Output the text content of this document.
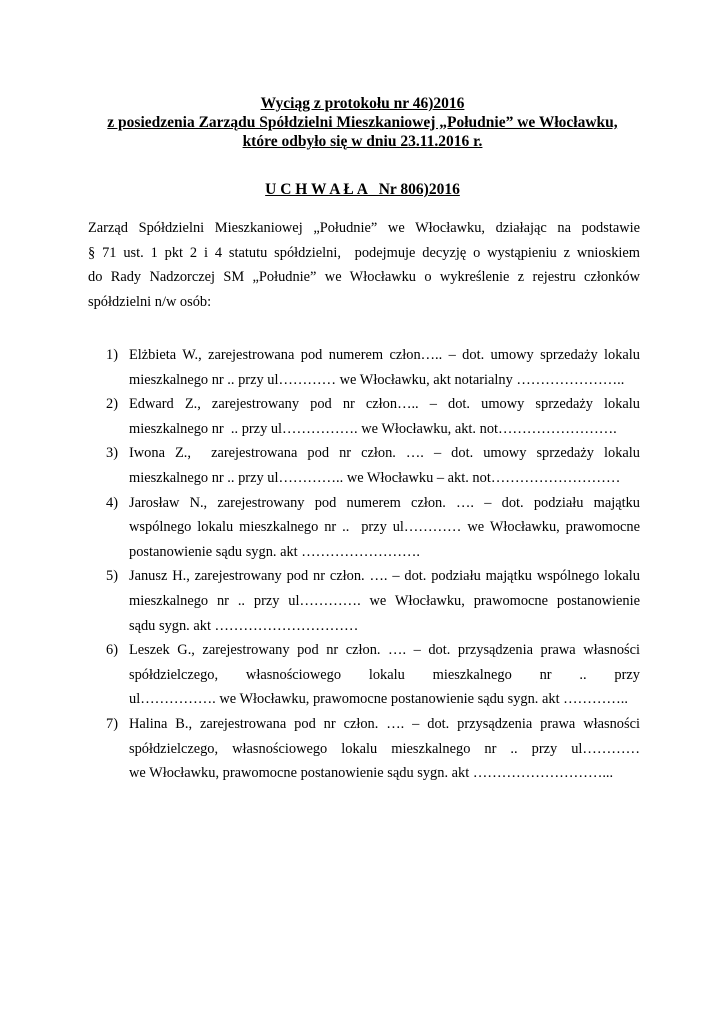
Wyciąg z protokołu nr 46)2016
z posiedzenia Zarządu Spółdzielni Mieszkaniowej „Południe” we Włocławku,
które odbyło się w dniu 23.11.2016 r.
U C H W A Ł A   Nr 806)2016
Zarząd Spółdzielni Mieszkaniowej „Południe” we Włocławku, działając na podstawie
§ 71 ust. 1 pkt 2 i 4 statutu spółdzielni,  podejmuje decyzję o wystąpieniu z wnioskiem
do Rady Nadzorczej SM „Południe” we Włocławku o wykreślenie z rejestru członków
spółdzielni n/w osób:
1) Elżbieta W., zarejestrowana pod numerem człon….. – dot. umowy sprzedaży lokalu
mieszkalnego nr .. przy ul………… we Włocławku, akt notarialny …………………..
2) Edward Z., zarejestrowany pod nr człon….. – dot. umowy sprzedaży lokalu
mieszkalnego nr  .. przy ul……………. we Włocławku, akt. not…………………….
3) Iwona Z.,  zarejestrowana pod nr człon. …. – dot. umowy sprzedaży lokalu
mieszkalnego nr .. przy ul………….. we Włocławku – akt. not………………………
4) Jarosław N., zarejestrowany pod numerem człon. …. – dot. podziału majątku
wspólnego lokalu mieszkalnego nr ..  przy ul………… we Włocławku, prawomocne
postanowienie sądu sygn. akt …………………….
5) Janusz H., zarejestrowany pod nr człon. …. – dot. podziału majątku wspólnego lokalu
mieszkalnego nr .. przy ul…………. we Włocławku, prawomocne postanowienie
sądu sygn. akt …………………………
6) Leszek G., zarejestrowany pod nr człon. …. – dot. przysądzenia prawa własności
spółdzielczego, własnościowego lokalu mieszkalnego nr .. przy
ul……………. we Włocławku, prawomocne postanowienie sądu sygn. akt …………..
7) Halina B., zarejestrowana pod nr człon. …. – dot. przysądzenia prawa własności
spółdzielczego, własnościowego lokalu mieszkalnego nr .. przy ul…………
we Włocławku, prawomocne postanowienie sądu sygn. akt ………………………...
